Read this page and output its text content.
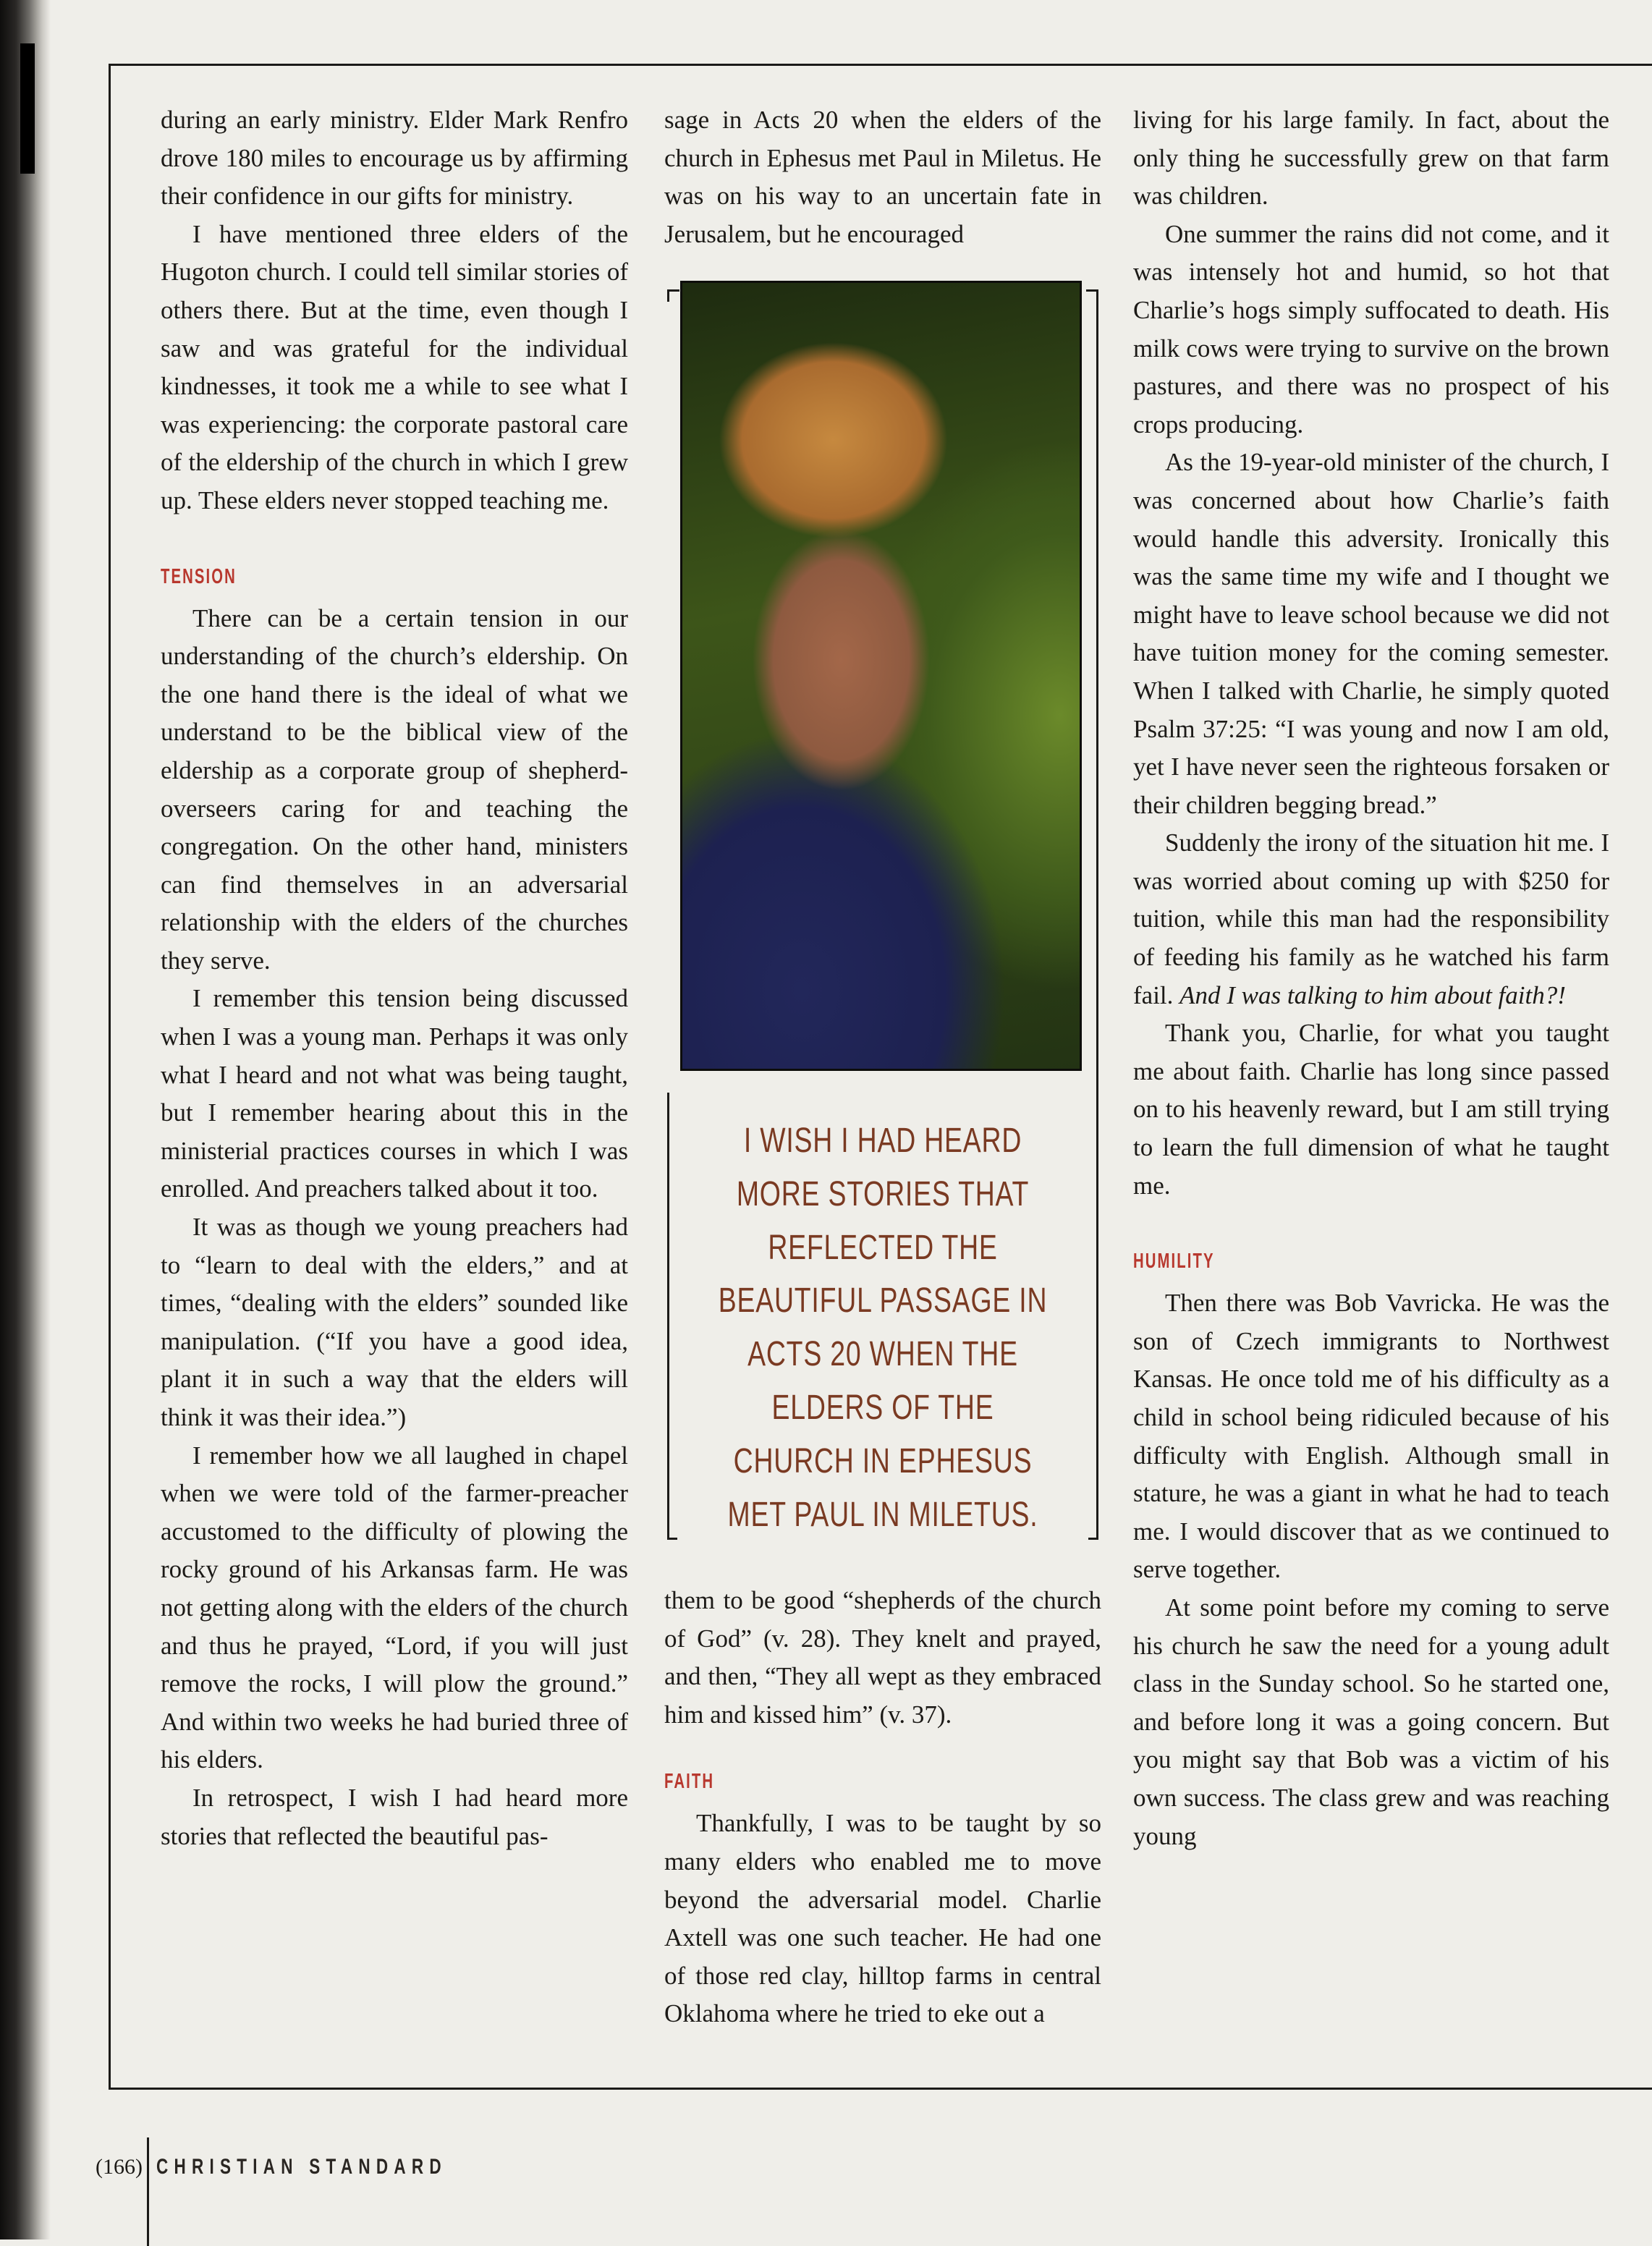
during an early ministry. Elder Mark Renfro drove 180 miles to encourage us by affirming their confidence in our gifts for ministry.

I have mentioned three elders of the Hugoton church. I could tell similar stories of others there. But at the time, even though I saw and was grateful for the individual kindnesses, it took me a while to see what I was experiencing: the corporate pastoral care of the eldership of the church in which I grew up. These elders never stopped teaching me.

TENSION

There can be a certain tension in our understanding of the church’s eldership. On the one hand there is the ideal of what we understand to be the biblical view of the eldership as a corporate group of shepherd-overseers caring for and teaching the congregation. On the other hand, ministers can find themselves in an adversarial relationship with the elders of the churches they serve.

I remember this tension being discussed when I was a young man. Perhaps it was only what I heard and not what was being taught, but I remember hearing about this in the ministerial practices courses in which I was enrolled. And preachers talked about it too.

It was as though we young preachers had to “learn to deal with the elders,” and at times, “dealing with the elders” sounded like manipulation. (“If you have a good idea, plant it in such a way that the elders will think it was their idea.”)

I remember how we all laughed in chapel when we were told of the farmer-preacher accustomed to the difficulty of plowing the rocky ground of his Arkansas farm. He was not getting along with the elders of the church and thus he prayed, “Lord, if you will just remove the rocks, I will plow the ground.” And within two weeks he had buried three of his elders.

In retrospect, I wish I had heard more stories that reflected the beautiful pas-

sage in Acts 20 when the elders of the church in Ephesus met Paul in Miletus. He was on his way to an uncertain fate in Jerusalem, but he encouraged

I WISH I HAD HEARD MORE STORIES THAT REFLECTED THE BEAUTIFUL PASSAGE IN ACTS 20 WHEN THE ELDERS OF THE CHURCH IN EPHESUS MET PAUL IN MILETUS.

them to be good “shepherds of the church of God” (v. 28). They knelt and prayed, and then, “They all wept as they embraced him and kissed him” (v. 37).

FAITH

Thankfully, I was to be taught by so many elders who enabled me to move beyond the adversarial model. Charlie Axtell was one such teacher. He had one of those red clay, hilltop farms in central Oklahoma where he tried to eke out a

living for his large family. In fact, about the only thing he successfully grew on that farm was children.

One summer the rains did not come, and it was intensely hot and humid, so hot that Charlie’s hogs simply suffocated to death. His milk cows were trying to survive on the brown pastures, and there was no prospect of his crops producing.

As the 19-year-old minister of the church, I was concerned about how Charlie’s faith would handle this adversity. Ironically this was the same time my wife and I thought we might have to leave school because we did not have tuition money for the coming semester. When I talked with Charlie, he simply quoted Psalm 37:25: “I was young and now I am old, yet I have never seen the righteous forsaken or their children begging bread.”

Suddenly the irony of the situation hit me. I was worried about coming up with $250 for tuition, while this man had the responsibility of feeding his family as he watched his farm fail. And I was talking to him about faith?!

Thank you, Charlie, for what you taught me about faith. Charlie has long since passed on to his heavenly reward, but I am still trying to learn the full dimension of what he taught me.

HUMILITY

Then there was Bob Vavricka. He was the son of Czech immigrants to Northwest Kansas. He once told me of his difficulty as a child in school being ridiculed because of his difficulty with English. Although small in stature, he was a giant in what he had to teach me. I would discover that as we continued to serve together.

At some point before my coming to serve his church he saw the need for a young adult class in the Sunday school. So he started one, and before long it was a going concern. But you might say that Bob was a victim of his own success. The class grew and was reaching young

(166) CHRISTIAN STANDARD
